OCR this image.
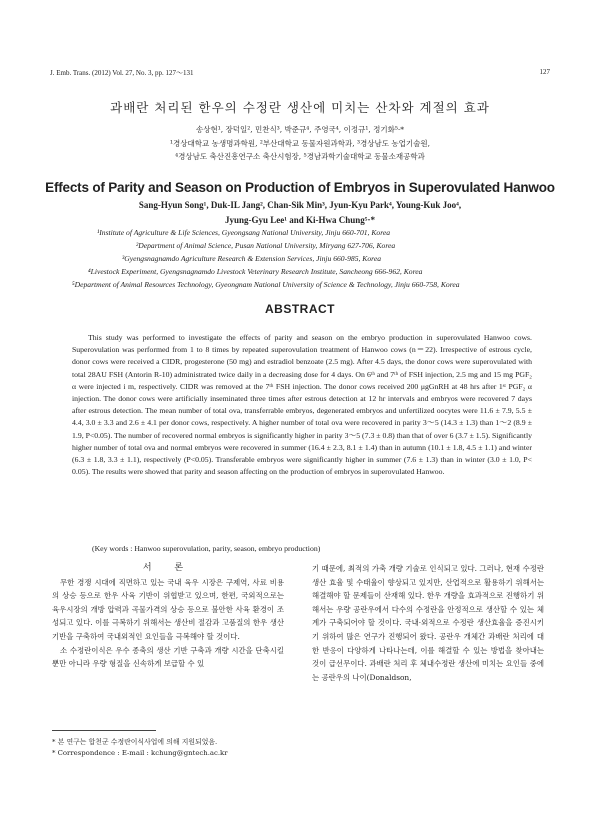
J. Emb. Trans. (2012) Vol. 27, No. 3, pp. 127～131	127
과배란 처리된 한우의 수정란 생산에 미치는 산차와 계절의 효과
송상현¹, 장덕일², 민찬식³, 박준규⁴, 주영국⁴, 이정규¹, 정기화⁵·*
¹경상대학교 농생명과학원, ²부산대학교 동물자원과학과, ³경상남도 농업기술원,
⁴경상남도 축산진흥연구소 축산시험장, ⁵경남과학기술대학교 동물소재공학과
Effects of Parity and Season on Production of Embryos in Superovulated Hanwoo
Sang-Hyun Song¹, Duk-IL Jang², Chan-Sik Min³, Jyun-Kyu Park⁴, Young-Kuk Joo⁴,
Jyung-Gyu Lee¹ and Ki-Hwa Chung⁵·*
¹Institute of Agriculture & Life Sciences, Gyeongsang National University, Jinju 660-701, Korea
²Department of Animal Science, Pusan National University, Miryang 627-706, Korea
³Gyengsnagnamdo Agriculture Research & Extension Services, Jinju 660-985, Korea
⁴Livestock Experiment, Gyengsnagnamdo Livestock Veterinary Research Institute, Sancheong 666-962, Korea
⁵Department of Animal Resources Technology, Gyeongnam National University of Science & Technology, Jinju 660-758, Korea
ABSTRACT

This study was performed to investigate the effects of parity and season on the embryo production in superovulated Hanwoo cows. Superovulation was performed from 1 to 8 times by repeated superovulation treatment of Hanwoo cows (n＝22). Irrespective of estrous cycle, donor cows were received a CIDR, progesterone (50 mg) and estradiol benzoate (2.5 mg). After 4.5 days, the donor cows were superovulated with total 28AU FSH (Antorin R-10) administrated twice daily in a decreasing dose for 4 days. On 6ᵗʰ and 7ᵗʰ of FSH injection, 2.5 mg and 15 mg PGF₂ α were injected i m, respectively. CIDR was removed at the 7ᵗʰ FSH injection. The donor cows received 200 μgGnRH at 48 hrs after 1ˢᵗ PGF₂ α injection. The donor cows were artificially inseminated three times after estrous detection at 12 hr intervals and embryos were recovered 7 days after estrous detection. The mean number of total ova, transferrable embryos, degenerated embryos and unfertilized oocytes were 11.6 ± 7.9, 5.5 ± 4.4, 3.0 ± 3.3 and 2.6 ± 4.1 per donor cows, respectively. A higher number of total ova were recovered in parity 3～5 (14.3 ± 1.3) than 1～2 (8.9 ± 1.9, P<0.05). The number of recovered normal embryos is significantly higher in parity 3～5 (7.3 ± 0.8) than that of over 6 (3.7 ± 1.5). Significantly higher number of total ova and normal embryos were recovered in summer (16.4 ± 2.3, 8.1 ± 1.4) than in autumn (10.1 ± 1.8, 4.5 ± 1.1) and winter (6.3 ± 1.8, 3.3 ± 1.1), respectively (P<0.05). Transferable embryos were significantly higher in summer (7.6 ± 1.3) than in winter (3.0 ± 1.0, P< 0.05). The results were showed that parity and season affecting on the production of embryos in superovulated Hanwoo.

(Key words : Hanwoo superovulation, parity, season, embryo production)

서 론

무한 경쟁 시대에 직면하고 있는 국내 육우 시장은 구제역, 사료 비용의 상승 등으로 한우 사육 기반이 위협받고 있으며, 한편, 국외적으로는 육우시장의 개방 압력과 곡물가격의 상승 등으로 불안한 사육 환경이 조성되고 있다. 이를 극복하기 위해서는 생산비 절감과 고품질의 한우 생산 기반을 구축하여 국내외적인 요인들을 극복해야 할 것이다.

소 수정란이식은 우수 종축의 생산 기반 구축과 개량 시간을 단축시킬 뿐만 아니라 우량 형질을 신속하게 보급할 수 있

기 때문에, 최적의 가축 개량 기술로 인식되고 있다. 그러나, 현재 수정란 생산 효율 및 수태율이 향상되고 있지만, 산업적으로 활용하기 위해서는 해결해야 할 문제들이 산재해 있다. 한우 개량을 효과적으로 진행하기 위해서는 우량 공란우에서 다수의 수정란을 안정적으로 생산할 수 있는 체계가 구축되어야 할 것이다. 국내·외적으로 수정란 생산효율을 증진시키기 위하여 많은 연구가 진행되어 왔다. 공란우 개체간 과배란 처리에 대한 반응이 다양하게 나타나는데, 이를 해결할 수 있는 방법을 찾아내는 것이 급선무이다. 과배란 처리 후 체내수정란 생산에 미치는 요인들 중에는 공란우의 나이(Donaldson,

* 본 연구는 합천군 수정란이식사업에 의해 지원되었음.
* Correspondence : E-mail : kchung@gntech.ac.kr
